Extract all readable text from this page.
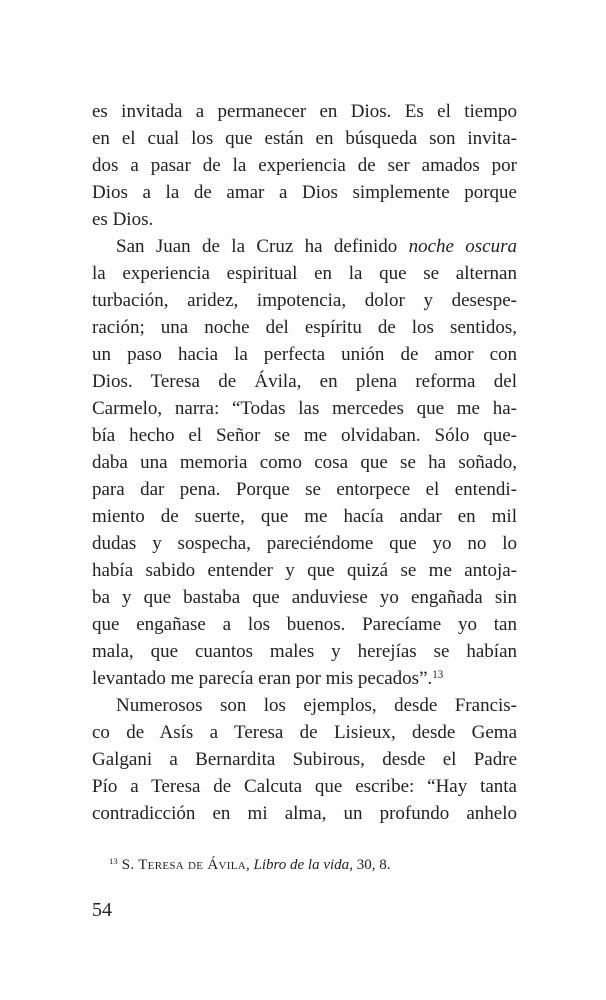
es invitada a permanecer en Dios. Es el tiempo
en el cual los que están en búsqueda son invita-
dos a pasar de la experiencia de ser amados por
Dios a la de amar a Dios simplemente porque
es Dios.
San Juan de la Cruz ha definido noche oscura
la experiencia espiritual en la que se alternan
turbación, aridez, impotencia, dolor y desespe-
ración; una noche del espíritu de los sentidos,
un paso hacia la perfecta unión de amor con
Dios. Teresa de Ávila, en plena reforma del
Carmelo, narra: “Todas las mercedes que me ha-
bía hecho el Señor se me olvidaban. Sólo que-
daba una memoria como cosa que se ha soñado,
para dar pena. Porque se entorpece el entendi-
miento de suerte, que me hacía andar en mil
dudas y sospecha, pareciéndome que yo no lo
había sabido entender y que quizá se me antoja-
ba y que bastaba que anduviese yo engañada sin
que engañase a los buenos. Parecíame yo tan
mala, que cuantos males y herejías se habían
levantado me parecía eran por mis pecados”.$^{13}$
Numerosos son los ejemplos, desde Francis-
co de Asís a Teresa de Lisieux, desde Gema
Galgani a Bernardita Subirous, desde el Padre
Pío a Teresa de Calcuta que escribe: “Hay tanta
contradicción en mi alma, un profundo anhelo
$^{13}$ S. Teresa de Ávila, Libro de la vida, 30, 8.
54
